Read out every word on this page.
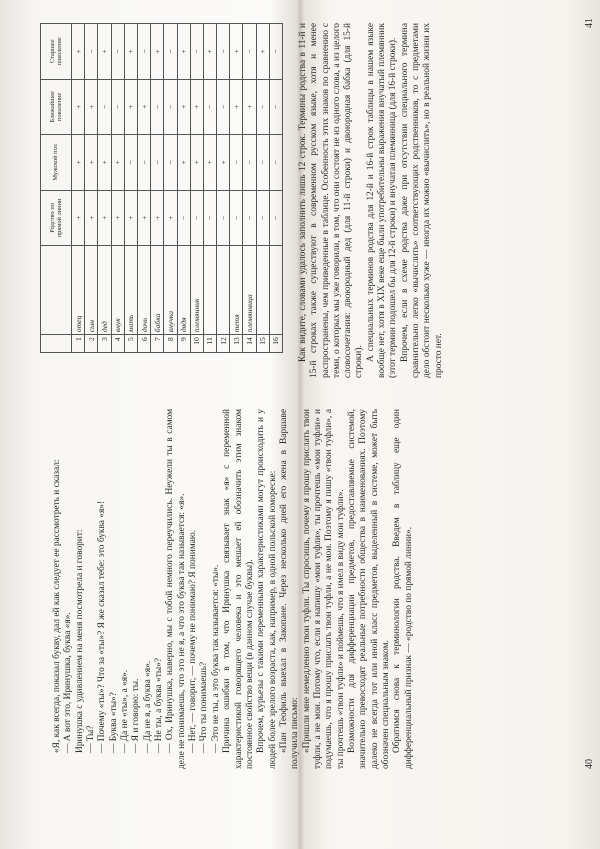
«Я, как всегда, показал букву, дал ей как следует ее рассмотреть и сказал: — А вот это, Иринушка, буква «я». Иринушка с удивлением на меня посмотрела и говорит: — Ты? — Почему «ты»? Что за «ты»? Я же сказал тебе: это буква «я»! — Буква «ты»? — Да не «ты», а «я». — Я и говорю: ты. — Да не я, а буква «я». — Не ты, а буква «ты»? — Ох, Иринушка, наверно, мы с тобой немного переучились. Неужели ты в самом деле не понимаешь, что это не я, а что это буква так называется: «я». — Нет, — говорит, — почему не понимаю? Я понимаю. — Что ты понимаешь? — Это не ты, а это буква так называется: «ты». Причина ошибки в том, что Иринушка связывает знак «я» с переменной характеристикой говорящего человека и это мешает ей обозначить этим знаком постоянное свойство вещи (в данном случае буквы). Впрочем, курьезы с такими переменными характеристиками могут происходить и у людей более зрелого возраста, как, например, в одной польской юмореске: «Пан Теофиль выехал в Закопане. Через несколько дней его жена в Варшаве получила письмо: «Пришли мне немедленно твои туфли. Ты спросишь, почему я прошу прислать твои туфли, а не мои. Потому что, если я напишу «мои туфли», ты прочтешь «мои туфли» и подумаешь, что я прошу прислать твои туфли, а не мои. Поэтому я пишу «твои туфли», а ты прочтешь «твои туфли» и поймешь, что я имел в виду мои туфли». Возможности для дифференциации предметов, предоставляемые системой, значительно превосходят реальные потребности общества в наименованиях. Поэтому далеко не всегда тот или иной класс предметов, выделенный в системе, может быть обозначен специальным знаком. Обратимся снова к терминологии родства. Введем в таблицу еще один дифференциальный признак — «родство по прямой линии».	40
		Родство по прямой линии	Мужской пол	Ближайшее поколение	Старшее поколение
1	отец	+	+	+	+
2	сын	+	+	+	−
3	дед	+	+	−	+
4	внук	+	+	−	−
5	мать	+	−	+	+
6	дочь	+	−	+	−
7	бабка	+	−	−	+
8	внучка	+	−	−	−
9	дядя	−	+	+	+
10	племянник	−	+	+	−
11		−	+	−	+
12		−	+	−	−
13	тетя	−	−	+	+
14	племянница	−	−	+	−
15		−	−	−	+
16		−	−	−	− Как видите, словами удалось заполнить лишь 12 строк. Термины родства в 11-й и 15-й строках также существуют в современном русском языке, хотя и менее распространены, чем приведенные в таблице. Особенность этих знаков по сравнению с теми, о которых мы уже говорили, в том, что они состоят не из одного слова, а из целого словосочетания: двоюродный дед (для 11-й строки) и двоюродная бабка (для 15-й строки). А специальных терминов родства для 12-й и 16-й строк таблицы в нашем языке вообще нет, хотя в XIX веке еще были употребительны выражения внучатый племянник (этот термин подошел бы для 12-й строки) и внучатая племянница (для 16-й строки). Впрочем, если в схеме родства даже при отсутствии специального термина сравнительно легко «вычислить» соответствующих родственников, то с предметами дело обстоит несколько хуже — иногда их можно «вычислить», но в реальной жизни их просто нет.

41
